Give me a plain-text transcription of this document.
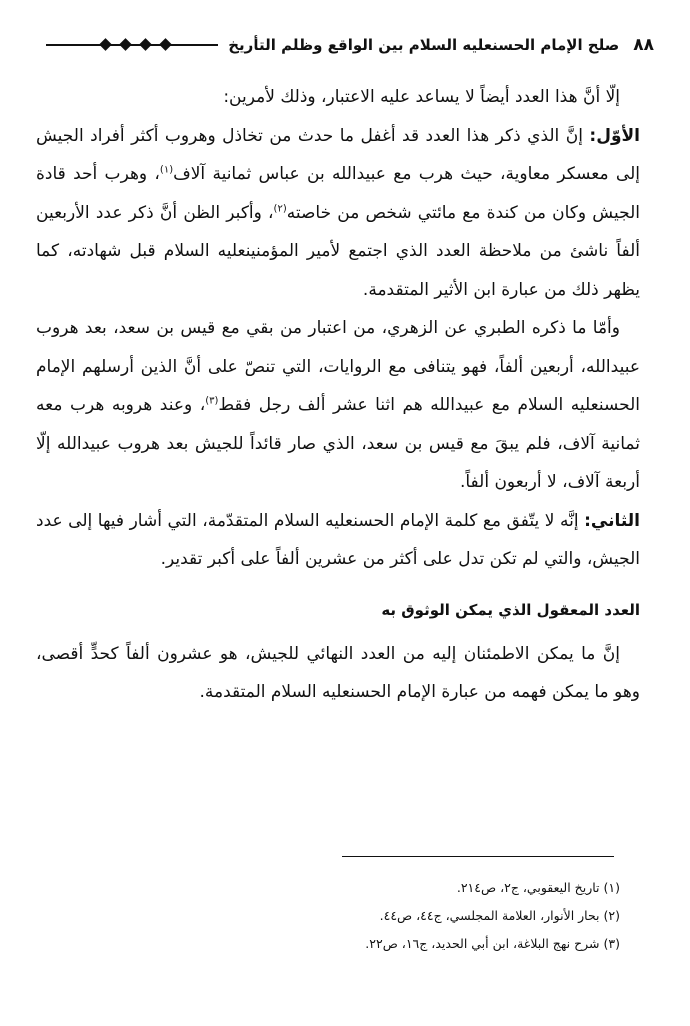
٨٨
صلح الإمام الحسنعليه السلام بين الواقع وظلم التأريخ

إلّا أنَّ هذا العدد أيضاً لا يساعد عليه الاعتبار، وذلك لأمرين:

الأوّل: إنَّ الذي ذكر هذا العدد قد أغفل ما حدث من تخاذل وهروب أكثر أفراد الجيش إلى معسكر معاوية، حيث هرب مع عبيدالله بن عباس ثمانية آلاف$^{(١)}$، وهرب أحد قادة الجيش وكان من كندة مع مائتي شخص من خاصته$^{(٢)}$، وأكبر الظن أنَّ ذكر عدد الأربعين ألفاً ناشئ من ملاحظة العدد الذي اجتمع لأمير المؤمنينعليه السلام قبل شهادته، كما يظهر ذلك من عبارة ابن الأثير المتقدمة.

وأمّا ما ذكره الطبري عن الزهري، من اعتبار من بقي مع قيس بن سعد، بعد هروب عبيدالله، أربعين ألفاً، فهو يتنافى مع الروايات، التي تنصّ على أنَّ الذين أرسلهم الإمام الحسنعليه السلام مع عبيدالله هم اثنا عشر ألف رجل فقط$^{(٣)}$، وعند هروبه هرب معه ثمانية آلاف، فلم يبقَ مع قيس بن سعد، الذي صار قائداً للجيش بعد هروب عبيدالله إلّا أربعة آلاف، لا أربعون ألفاً.

الثاني: إنَّه لا يتّفق مع كلمة الإمام الحسنعليه السلام المتقدّمة، التي أشار فيها إلى عدد الجيش، والتي لم تكن تدل على أكثر من عشرين ألفاً على أكبر تقدير.

العدد المعقول الذي يمكن الوثوق به

إنَّ ما يمكن الاطمئنان إليه من العدد النهائي للجيش، هو عشرون ألفاً كحدٍّ أقصى، وهو ما يمكن فهمه من عبارة الإمام الحسنعليه السلام المتقدمة.

(١) تاريخ اليعقوبي، ج٢، ص٢١٤.

(٢) بحار الأنوار، العلامة المجلسي، ج٤٤، ص٤٤.

(٣) شرح نهج البلاغة، ابن أبي الحديد، ج١٦، ص٢٢.
